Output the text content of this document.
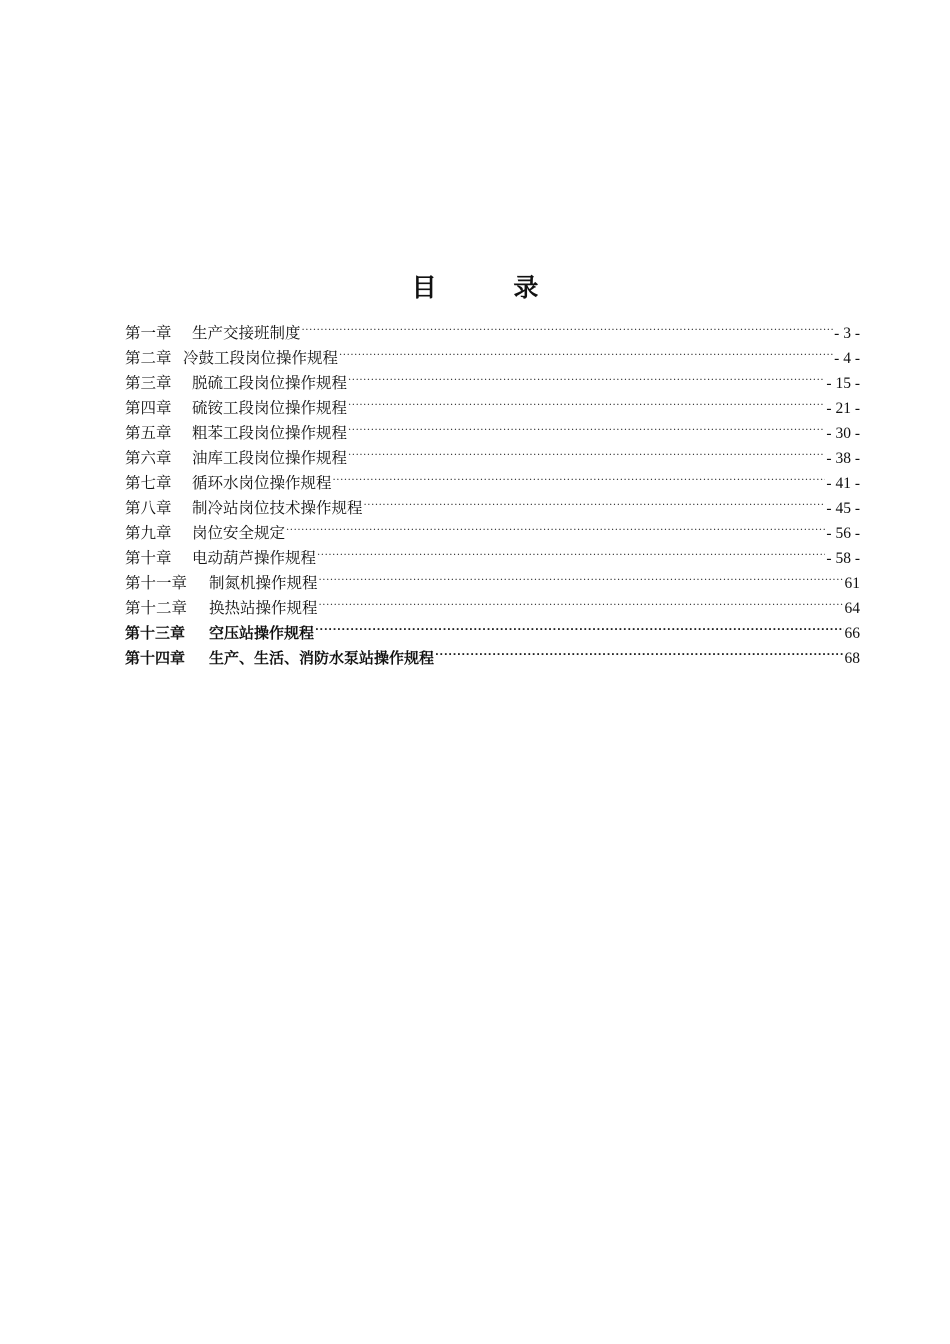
目 录
第一章	生产交接班制度 .....	- 3 -
第二章 冷鼓工段岗位操作规程 .....	- 4 -
第三章	脱硫工段岗位操作规程 .....	- 15 -
第四章	硫铵工段岗位操作规程 .....	- 21 -
第五章	粗苯工段岗位操作规程 .....	- 30 -
第六章	油库工段岗位操作规程 .....	- 38 -
第七章	循环水岗位操作规程 .....	- 41 -
第八章	制冷站岗位技术操作规程 .....	- 45 -
第九章	岗位安全规定 .....	- 56 -
第十章	电动葫芦操作规程 .....	- 58 -
第十一章	制氮机操作规程 .....	61
第十二章	换热站操作规程 .....	64
第十三章	空压站操作规程 .....	66
第十四章	生产、生活、消防水泵站操作规程 .....	68
